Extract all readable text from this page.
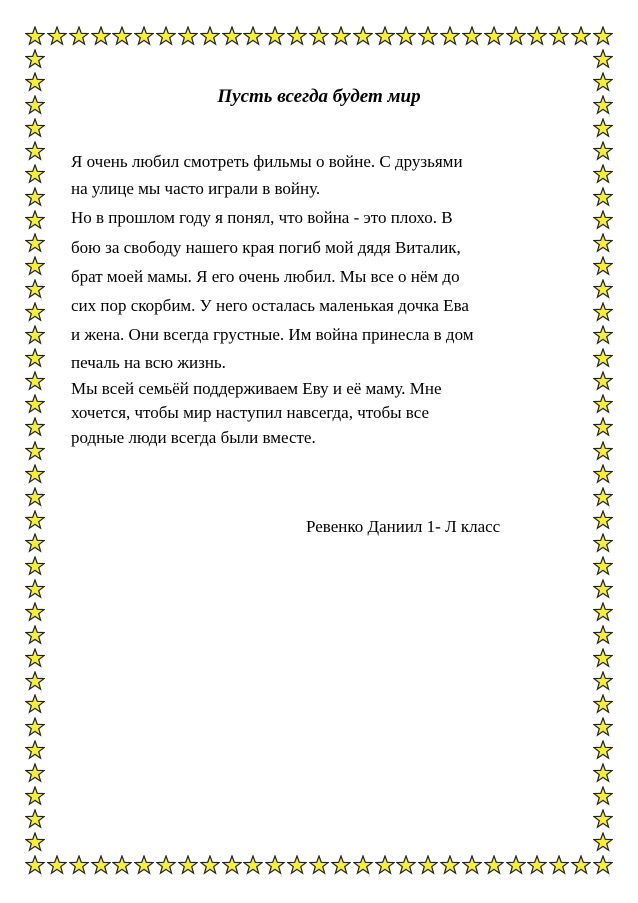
Пусть всегда будет мир
Я очень любил смотреть фильмы о войне. С друзьями
на улице мы часто играли в войну.
Но в прошлом году я понял, что война - это плохо. В
бою за свободу нашего края погиб мой дядя Виталик,
брат моей мамы. Я его очень любил. Мы все о нём до
сих пор скорбим. У него осталась маленькая дочка Ева
и жена. Они всегда грустные. Им война принесла в дом
печаль на всю жизнь.
Мы всей семьёй поддерживаем Еву и её маму. Мне
хочется, чтобы мир наступил навсегда, чтобы все
родные люди всегда были вместе.
Ревенко Даниил 1- Л класс
